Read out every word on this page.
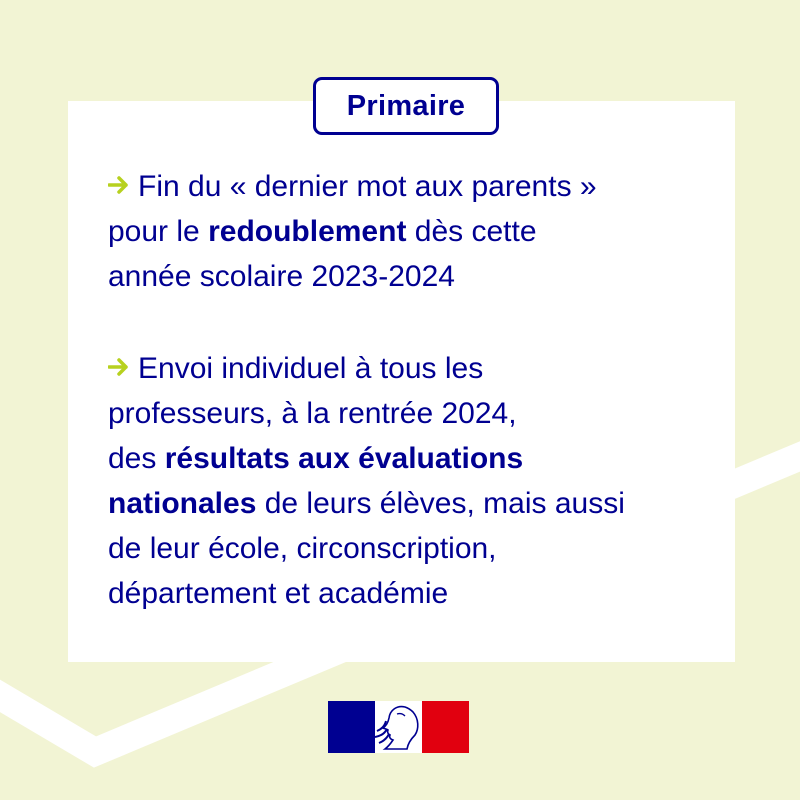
Primaire
Fin du « dernier mot aux parents »
pour le redoublement dès cette
année scolaire 2023-2024
Envoi individuel à tous les
professeurs, à la rentrée 2024,
des résultats aux évaluations
nationales de leurs élèves, mais aussi
de leur école, circonscription,
département et académie
